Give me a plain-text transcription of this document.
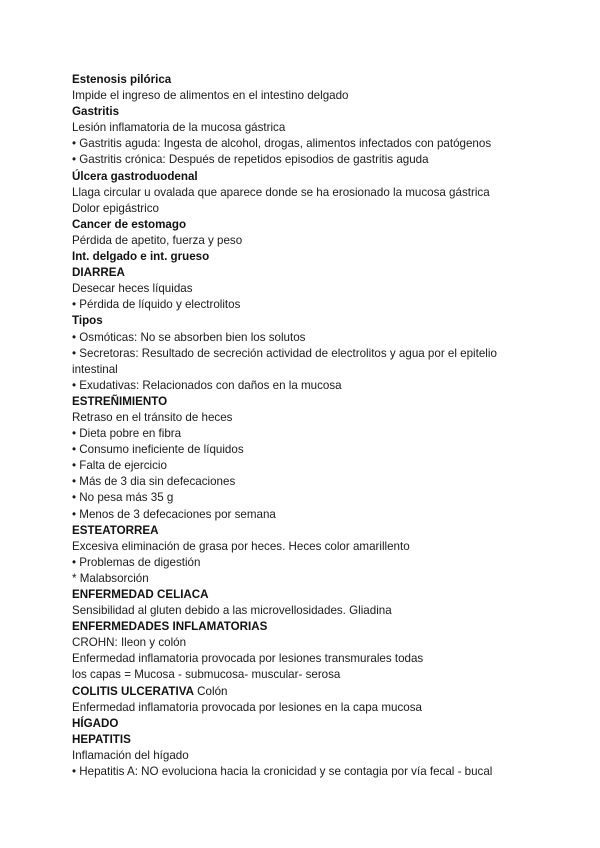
Estenosis pilórica
Impide el ingreso de alimentos en el intestino delgado
Gastritis
Lesión inflamatoria de la mucosa gástrica
• Gastritis aguda: Ingesta de alcohol, drogas, alimentos infectados con patógenos
• Gastritis crónica: Después de repetidos episodios de gastritis aguda
Úlcera gastroduodenal
Llaga circular u ovalada que aparece donde se ha erosionado la mucosa gástrica
Dolor epigástrico
Cancer de estomago
Pérdida de apetito, fuerza y peso
Int. delgado e int. grueso
DIARREA
Desecar heces líquidas
• Pérdida de líquido y electrolitos
Tipos
• Osmóticas: No se absorben bien los solutos
• Secretoras: Resultado de secreción actividad de electrolitos y agua por el epitelio
intestinal
• Exudativas: Relacionados con daños en la mucosa
ESTREÑIMIENTO
Retraso en el tránsito de heces
• Dieta pobre en fibra
• Consumo ineficiente de líquidos
• Falta de ejercicio
• Más de 3 dia sin defecaciones
• No pesa más 35 g
• Menos de 3 defecaciones por semana
ESTEATORREA
Excesiva eliminación de grasa por heces. Heces color amarillento
• Problemas de digestión
* Malabsorción
ENFERMEDAD CELIACA
Sensibilidad al gluten debido a las microvellosidades. Gliadina
ENFERMEDADES INFLAMATORIAS
CROHN: Ileon y colón
Enfermedad inflamatoria provocada por lesiones transmurales todas
los capas = Mucosa - submucosa- muscular- serosa
COLITIS ULCERATIVA Colón
Enfermedad inflamatoria provocada por lesiones en la capa mucosa
HÍGADO
HEPATITIS
Inflamación del hígado
• Hepatitis A: NO evoluciona hacia la cronicidad y se contagia por vía fecal - bucal
